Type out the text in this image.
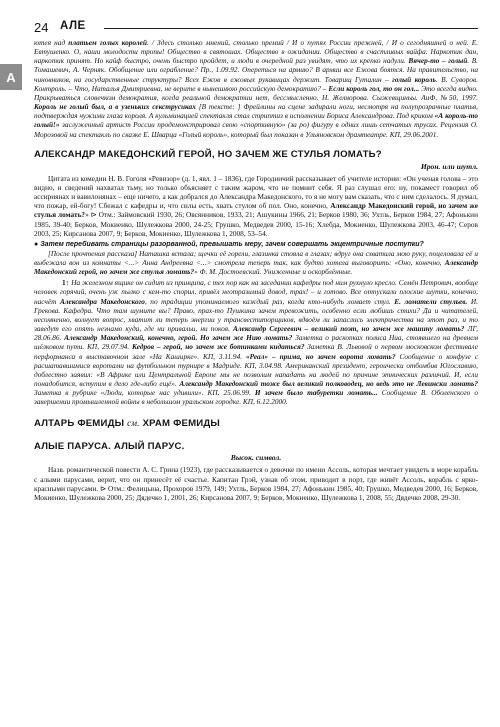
А
24 АЛЕ

ютея над платьем голых королей. / Здесь столько мнений, столько премий / И о путях России прежней, / И о сегодняшней о ней. Е. Евтушенко. О, наши молодости тропы! Общество в святошах. Общество в ожидании. Общество в счастливых вайфа. Наркотик дан, наркотик принят. Но кайф быстро, очень быстро пройдет, и люди в очередной раз увидят, что их крепко надули. Вячер-то – голый. В. Томашевич, А. Черняк. Обобщение или ограбление? Пр., 1.09.92. Опереться на армию? В армии все Ежова боятся. На правительство, на чиновников, на государственные структуры? Всех Ежов в ежовых рукавицах держит. Товарищ Гуталин – голый король. В. Суворов. Контроль. – Что, Наталья Дмитриевна, не верите в нынешнюю российскую демократию? – Если король гол, то он гол... Это всегда видно. Прикрываться словечком демократия, когда реальной демократии нет, бессмысленно. Н. Желнорова. Сыжевщиньы. АиФ, №50, 1997. Король не голый был, а в узеньких секструсиках [В тексте: ] Фрейлины на сцене задирали ноги, несмотря на полупрозрачные платья, подтверждая чужими глаза короля. А кульминацией спектакля стал стриптиз в исполнении Бориса Александрова. Под криком «А король-то голый!» заслуженный артист России продемонстрировал свою «спортивную» (за ро) фигуру в одних лишь сетчатых трусах. Рецензия О. Морозовой на спектакль по сказке Е. Шварца «Голый король», который был показан в Ульяновском драмтеатре. КП, 29.06.2001.

АЛЕКСАНДР МАКЕДОНСКИЙ ГЕРОЙ, НО ЗАЧЕМ ЖЕ СТУЛЬЯ ЛОМАТЬ?
Ирон. или шутл.

Цитата из комедии Н. В. Гоголя «Ревизор» (д. 1, явл. 1 – 1836), где Городничий рассказывает об учителе истории: «Он ученая голова – это видно, и сведений нахватал тьму, но только объясняет с таким жаром, что не помнит себя. Я раз слушал его: ну, покамест говорил об ассириянах и вавилонянах – еще ничего, а как добрался до Александра Македонского, то я не могу вам сказать, что с ним сделалось. Я думал, что пожар, ей-богу! Сбежал с кафедры и, что силы есть, хвать стулом об пол. Оно, конечно, Александр Македонский герой, но зачем же стулья ломать?» ⊳ Отм.: Займовский 1930, 26; Овсянников, 1933, 21; Ашукины 1966, 21; Берков 1980, 36; Ухтль, Берков 1984, 27; Афонькин 1985, 39-40; Берков, Мокиенко, Шулежкова 2000, 24-25; Грушко, Медведев 2000, 15-16; Хлебда, Мокиенко, Шулежкова 2003, 46-47; Серов 2003, 25; Кирсанова 2007, 9; Берков, Мокиенко, Шулежкова 1, 2008, 53–54.

● Затем перебивать страницы разорванной, превышать меру, зачем совершать экцентричные поступки?

[После прочтения рассказа] Наташка встала; щечки её горели, глазинка стояла в глазах; вдруг она схватила мою руку, поцеловала её и выбежала вон из комнаты <...> Анна Андреевна <...> смотрела теперь так, как будто хотела выговорить: «Оно, конечно, Александр Македонский герой, но зачем же стулья ломать?» Ф. М. Достоевский. Униженные и оскорблённые.

1↑ На железном ящике он сидит из принципа, с тех пор как на заседании кафедры под ним рухнуло кресло. Семён Петрович, вообще человек горячий, очень уж пылко с кем-то спорил, привёл неотразимый довод, трах! – и готово. Все отпускали плоские шутки, конечно, насчёт Александра Македонского, по традиции упоминаемого каждый раз, когда кто-нибудь ломает стул. Е. ломатели стульев. И. Грекова. Кафедра. Что там шумите вы? Право, прах-то Пушкина зачем тревожить, особенно если любишь стихи? Да и читателей, несомненно, волнует вопрос, хватит ли теперь энергии у трансвеститорщиков, вдвоём ли запаслись электричества на этот раз, и то заведут его опять незнамо куда, где ни привальи, ни покоя. Александр Сергеевич – великий поэт, но зачем же машину ломать? ЛГ, 28.06.86. Александр Македонский, конечно, герой. Но зачем же Нию ломать? Заметка о раскопках полиса Ниа, стоявшего на древнем шёлковом пути. КП, 29.07.94. Кедров – герой, но зачем же ботинками кидаться? Заметка В. Львовой о первом московском фестивале перформанса в выставочном зале «На Каширке». КП, 3.11.94. «Реал» – прима, но зачем ворота ломать? Сообщение о конфузе с расшатавшимися воротами на футбольном турнире в Мадриде. КП, 3.04.98. Американский президент, героически отбомбив Югославию, доблестно заявил: «В Африке или Центральной Европе мы не позволим нападать на людей по причине этнических различий. И, если понадобится, вступим в дело где-либо ещё». Александр Македонский тоже был великий полководец, но ведь это не Левински ломать? Заметка в рубрике «Люди, которые нас удивили». КП, 25.06.99. И зачем было табуретки ломать... Сообщение В. Оболенского о завершении промышленной войны в небольшом уральском городке. КП, 6.12.2000.

АЛТАРЬ ФЕМИДЫ см. ХРАМ ФЕМИДЫ
АЛЫЕ ПАРУСА. АЛЫЙ ПАРУС.
Высок. символ.

Назв. романтической повести А. С. Грина (1923), где рассказывается о девочке по имени Ассоль, которая мечтает увидеть в море корабль с алыми парусами, верит, что он принесёт её счастье. Капитан Грэй, узнав об этом, приводит в порт, где живёт Ассоль, корабль с ярко-красными парусами. ⊳ Отм.: Фелицына, Прохоров 1979, 149; Ухтль, Берков 1984, 27; Афонькин 1985, 40; Грушко, Медведев 2000, 16; Берков, Мокиенко, Шулежкова 2000, 25; Дядечко 1, 2001, 26; Кирсанова 2007, 9; Берков, Мокиенко, Шулежкова 1, 2008, 55; Дядечко 2008, 29-30.
